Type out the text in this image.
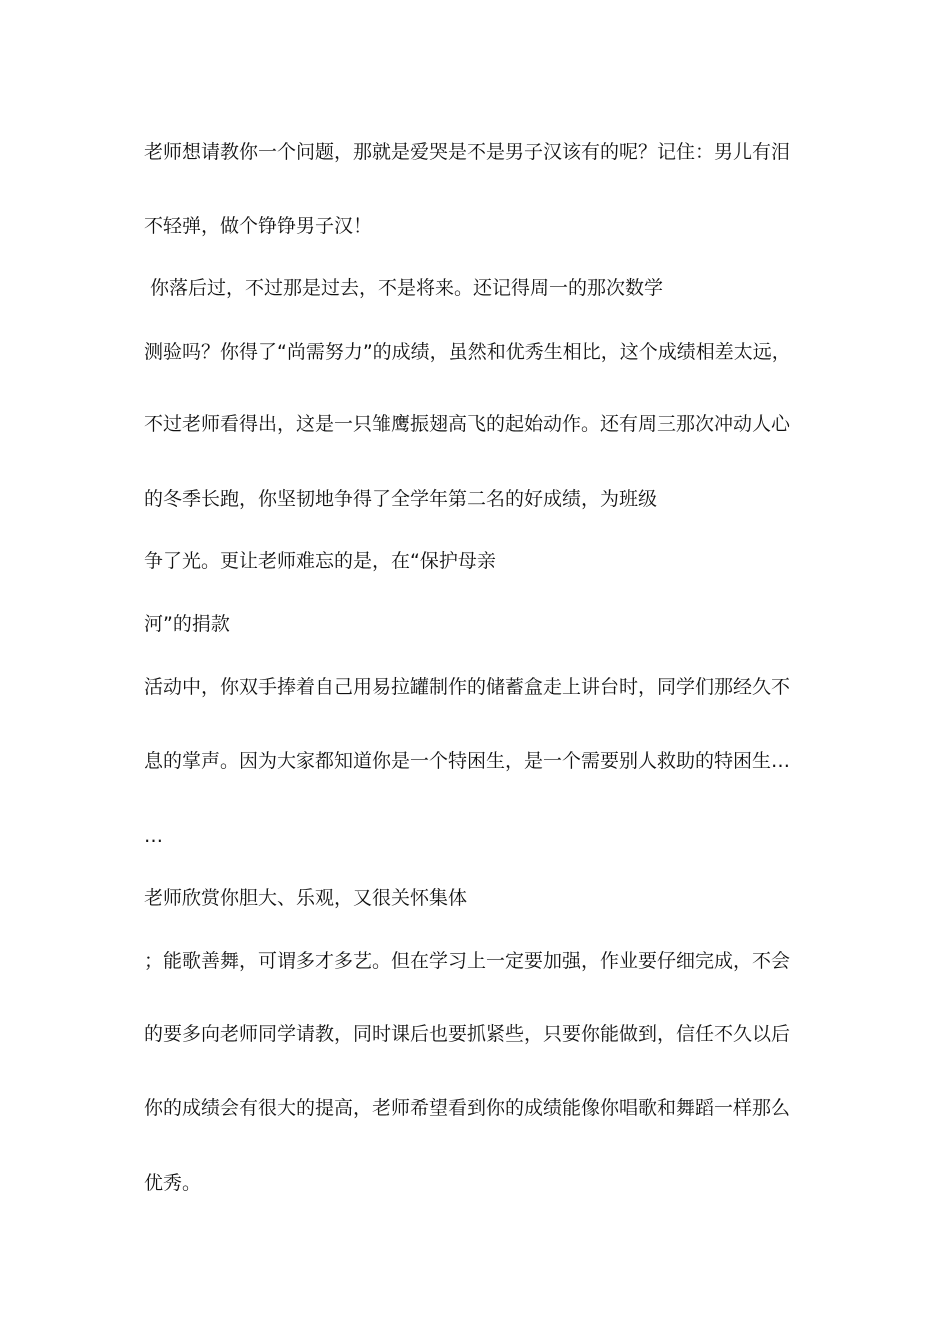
老师想请教你一个问题，那就是爱哭是不是男子汉该有的呢？记住：男儿有泪
不轻弹，做个铮铮男子汉！
你落后过，不过那是过去，不是将来。还记得周一的那次数学
测验吗？你得了“尚需努力”的成绩，虽然和优秀生相比，这个成绩相差太远，
不过老师看得出，这是一只雏鹰振翅高飞的起始动作。还有周三那次冲动人心
的冬季长跑，你坚韧地争得了全学年第二名的好成绩，为班级
争了光。更让老师难忘的是，在“保护母亲
河”的捐款
活动中，你双手捧着自己用易拉罐制作的储蓄盒走上讲台时，同学们那经久不
息的掌声。因为大家都知道你是一个特困生，是一个需要别人救助的特困生…
…
老师欣赏你胆大、乐观，又很关怀集体
；能歌善舞，可谓多才多艺。但在学习上一定要加强，作业要仔细完成，不会
的要多向老师同学请教，同时课后也要抓紧些，只要你能做到，信任不久以后
你的成绩会有很大的提高，老师希望看到你的成绩能像你唱歌和舞蹈一样那么
优秀。
